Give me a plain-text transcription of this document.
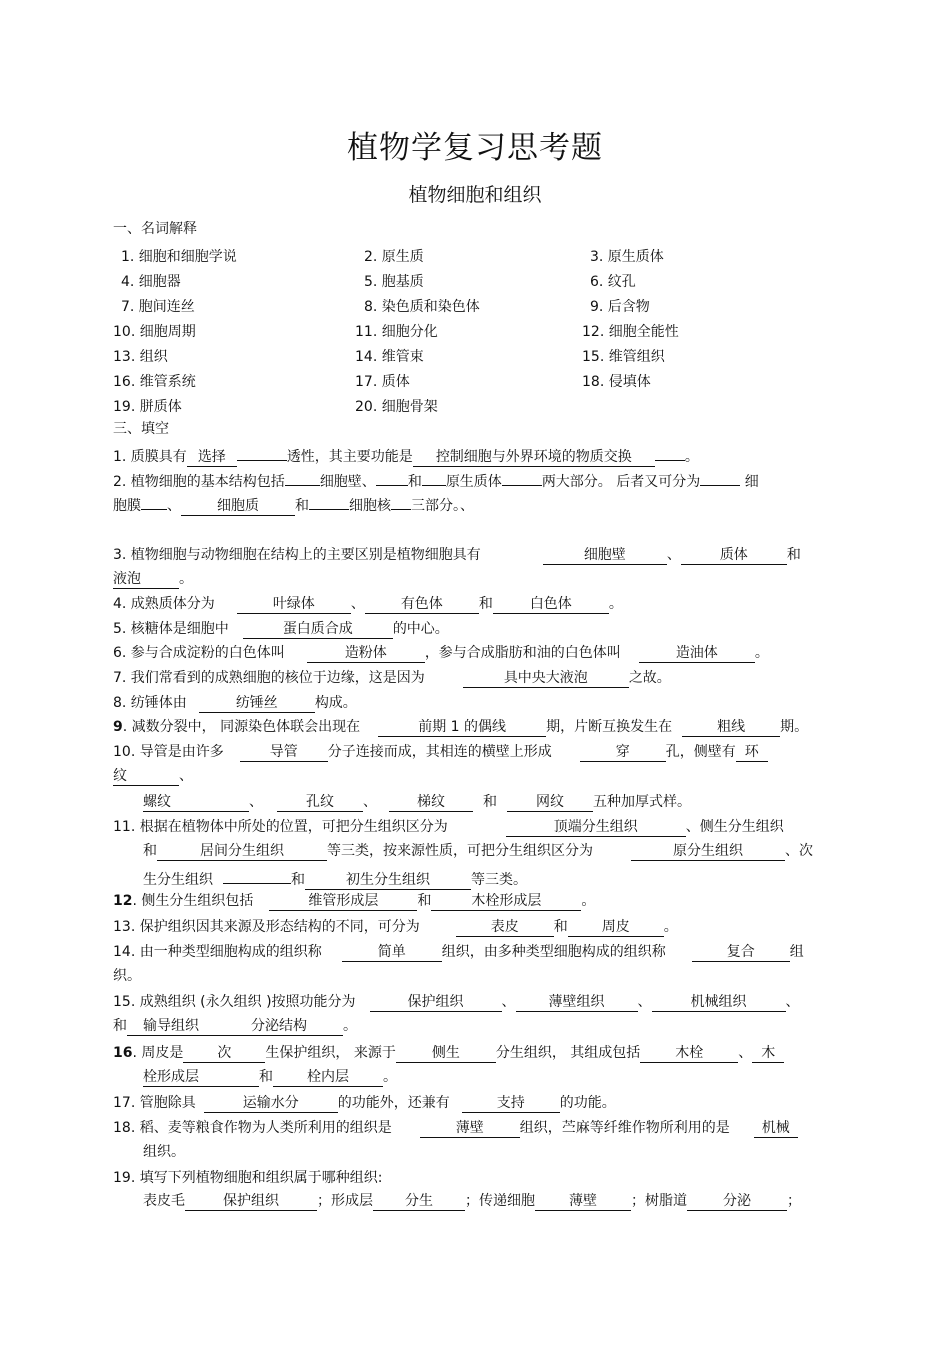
植物学复习思考题
植物细胞和组织
一、名词解释
1. 细胞和细胞学说	2. 原生质	3. 原生质体
4. 细胞器	5. 胞基质	6. 纹孔
7. 胞间连丝	8. 染色质和染色体	9. 后含物
10. 细胞周期	11. 细胞分化	12. 细胞全能性
13. 组织	14. 维管束	15. 维管组织
16. 维管系统	17. 质体	18. 侵填体
19. 胼质体	20. 细胞骨架
三、填空
1. 质膜具有 选择	透性，其主要功能是 控制细胞与外界环境的物质交换	。
2. 植物细胞的基本结构包括	细胞壁、 和 原生质体	两大部分。 后者又可分为	细
胞膜 、	细胞质	和	细胞核 三部分。、
3. 植物细胞与动物细胞在结构上的主要区别是植物细胞具有	细胞壁	、	质体	和
液泡	。
4. 成熟质体分为	叶绿体	、	有色体	和	白色体	。
5. 核糖体是细胞中	蛋白质合成	的中心。
6. 参与合成淀粉的白色体叫	造粉体	，参与合成脂肪和油的白色体叫	造油体	。
7. 我们常看到的成熟细胞的核位于边缘，这是因为	具中央大液泡	之故。
8. 纺锤体由	纺锤丝	构成。
9. 减数分裂中， 同源染色体联会出现在	前期 1 的偶线	期，片断互换发生在	粗线	期。
10. 导管是由许多	导管 分子连接而成，其相连的横壁上形成	穿	孔，侧壁有 环
纹	、
螺纹	、	孔纹 、	梯纹	和	网纹 五种加厚式样。
11. 根据在植物体中所处的位置，可把分生组织区分为	顶端分生组织	、侧生分生组织
和	居间分生组织	等三类，按来源性质，可把分生组织区分为	原分生组织	、次
生分生组织	和	初生分生组织	等三类。
12. 侧生分生组织包括	维管形成层	和	木栓形成层	。
13. 保护组织因其来源及形态结构的不同，可分为	表皮	和 周皮 。
14. 由一种类型细胞构成的组织称	简单	组织，由多种类型细胞构成的组织称	复合	组
织。
15. 成熟组织 (永久组织 )按照功能分为	保护组织	、 薄壁组织 、	机械组织	、
和 输导组织	分泌结构	。
16. 周皮是 次 生保护组织， 来源于	侧生	分生组织， 其组成包括	木栓	、 木
栓形成层	和 栓内层 。
17. 管胞除具	运输水分	的功能外，还兼有	支持	的功能。
18. 稻、麦等粮食作物为人类所利用的组织是	薄壁	组织，苎麻等纤维作物所利用的是 机械
组织。
19. 填写下列植物细胞和组织属于哪种组织:
表皮毛	保护组织	；形成层 分生 ；传递细胞 薄壁 ；树脂道	分泌	；
